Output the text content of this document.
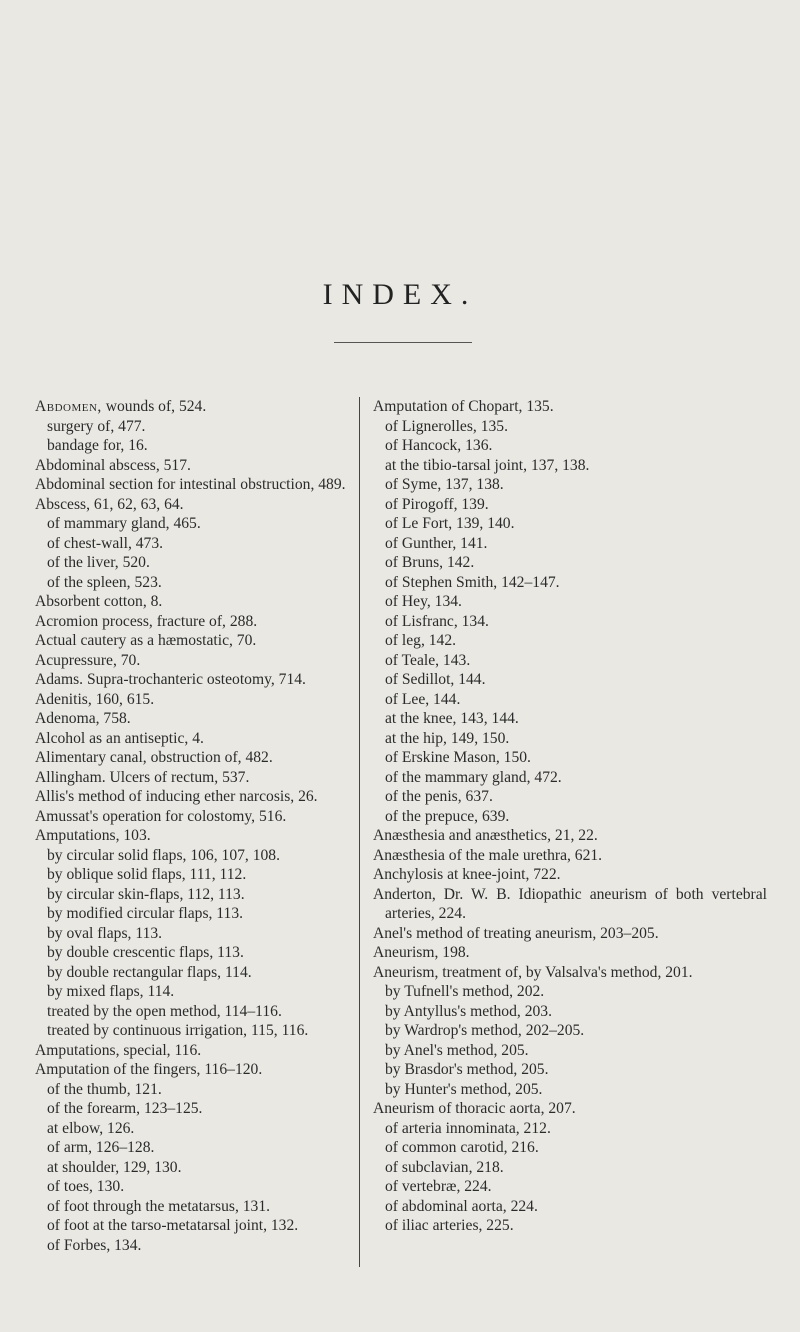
INDEX.
Abdomen, wounds of, 524.
surgery of, 477.
bandage for, 16.
Abdominal abscess, 517.
Abdominal section for intestinal obstruction, 489.
Abscess, 61, 62, 63, 64.
of mammary gland, 465.
of chest-wall, 473.
of the liver, 520.
of the spleen, 523.
Absorbent cotton, 8.
Acromion process, fracture of, 288.
Actual cautery as a hæmostatic, 70.
Acupressure, 70.
Adams. Supra-trochanteric osteotomy, 714.
Adenitis, 160, 615.
Adenoma, 758.
Alcohol as an antiseptic, 4.
Alimentary canal, obstruction of, 482.
Allingham. Ulcers of rectum, 537.
Allis's method of inducing ether narcosis, 26.
Amussat's operation for colostomy, 516.
Amputations, 103.
by circular solid flaps, 106, 107, 108.
by oblique solid flaps, 111, 112.
by circular skin-flaps, 112, 113.
by modified circular flaps, 113.
by oval flaps, 113.
by double crescentic flaps, 113.
by double rectangular flaps, 114.
by mixed flaps, 114.
treated by the open method, 114–116.
treated by continuous irrigation, 115, 116.
Amputations, special, 116.
Amputation of the fingers, 116–120.
of the thumb, 121.
of the forearm, 123–125.
at elbow, 126.
of arm, 126–128.
at shoulder, 129, 130.
of toes, 130.
of foot through the metatarsus, 131.
of foot at the tarso-metatarsal joint, 132.
of Forbes, 134.
Amputation of Chopart, 135.
of Lignerolles, 135.
of Hancock, 136.
at the tibio-tarsal joint, 137, 138.
of Syme, 137, 138.
of Pirogoff, 139.
of Le Fort, 139, 140.
of Gunther, 141.
of Bruns, 142.
of Stephen Smith, 142–147.
of Hey, 134.
of Lisfranc, 134.
of leg, 142.
of Teale, 143.
of Sedillot, 144.
of Lee, 144.
at the knee, 143, 144.
at the hip, 149, 150.
of Erskine Mason, 150.
of the mammary gland, 472.
of the penis, 637.
of the prepuce, 639.
Anæsthesia and anæsthetics, 21, 22.
Anæsthesia of the male urethra, 621.
Anchylosis at knee-joint, 722.
Anderton, Dr. W. B. Idiopathic aneurism of both vertebral arteries, 224.
Anel's method of treating aneurism, 203–205.
Aneurism, 198.
Aneurism, treatment of, by Valsalva's method, 201.
by Tufnell's method, 202.
by Antyllus's method, 203.
by Wardrop's method, 202–205.
by Anel's method, 205.
by Brasdor's method, 205.
by Hunter's method, 205.
Aneurism of thoracic aorta, 207.
of arteria innominata, 212.
of common carotid, 216.
of subclavian, 218.
of vertebræ, 224.
of abdominal aorta, 224.
of iliac arteries, 225.
